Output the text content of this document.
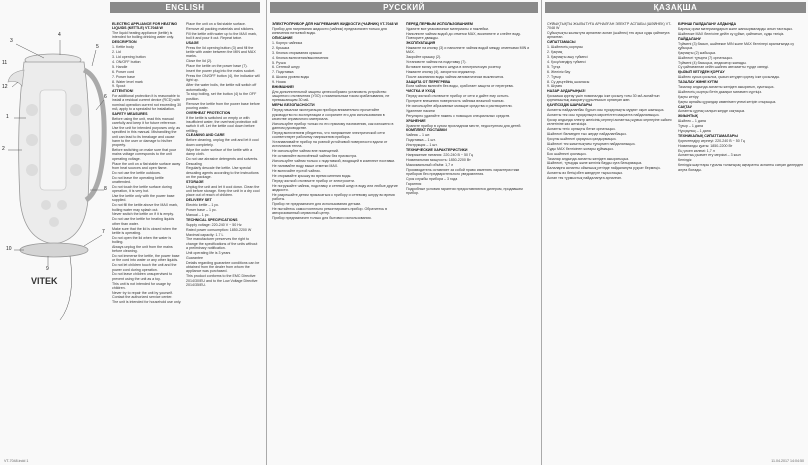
3
4
5
6
7
8
9
1
2
10
11
12
VITEK
ENGLISH

ELECTRIC APPLIANCE FOR HEATING LIQUIDS (KETTLE) VT-7048 W

The liquid heating appliance (kettle) is intended for boiling drinking water only.

DESCRIPTION

1. Kettle body

2. Lid

3. Lid opening button

4. ON/OFF button

5. Handle

6. Power cord

7. Power base

8. Water level mark

9. Spout

ATTENTION!

For additional protection it is reasonable to install a residual current device (RCD) with nominal operation current not exceeding 30 mA; apply to a specialist for installation.

SAFETY MEASURES

Before using the unit, read this manual carefully and keep it for future reference.

Use the unit for intended purposes only, as specified in this manual. Mishandling the unit can lead to its breakage and cause harm to the user or damage to his/her property.

Before switching on make sure that your mains voltage corresponds to the unit operating voltage.

Place the unit on a flat stable surface away from heat sources and open flame.

Do not use the kettle outdoors.

Do not leave the operating kettle unattended.

Do not touch the kettle surface during operation, it is very hot.

Use the kettle only with the power base supplied.

Do not fill the kettle above the MAX mark, boiling water may splash out.

Never switch the kettle on if it is empty.

Do not use the kettle for heating liquids other than water.

Make sure that the lid is closed when the kettle is operating.

Do not open the lid when the water is boiling.

Always unplug the unit from the mains before cleaning.

Do not immerse the kettle, the power base or the cord into water or any other liquids.

Do not let children touch the unit and the power cord during operation.

Do not leave children unsupervised to prevent using the unit as a toy.

This unit is not intended for usage by children.

Never try to repair the unit by yourself. Contact the authorized service center.

The unit is intended for household use only.

Place the unit on a flat stable surface.

Remove all packing materials and stickers.

Fill the kettle with water up to the MAX mark, boil it and pour it out. Repeat twice.

USAGE

Press the lid opening button (3) and fill the kettle with water between the MIN and MAX marks.

Close the lid (2).

Place the kettle on the power base (7).

Insert the power plug into the mains socket.

Press the ON/OFF button (4), the indicator will light up.

After the water boils, the kettle will switch off automatically.

To stop boiling, set the button (4) to the OFF position.

Remove the kettle from the power base before pouring water.

OVERHEAT PROTECTION

If the kettle is switched on empty or with insufficient water, the overheat protection will switch it off. Let the kettle cool down before refilling.

CLEANING AND CARE

Before cleaning, unplug the unit and let it cool down completely.

Wipe the outer surface of the kettle with a damp cloth.

Do not use abrasive detergents and solvents.

Descaling

Regularly descale the kettle. Use special descaling agents according to the instructions on the package.

STORAGE

Unplug the unit and let it cool down. Clean the unit before storage. Keep the unit in a dry cool place out of reach of children.

DELIVERY SET

Electric kettle – 1 pc.

Power base – 1 pc.

Manual – 1 pc.

TECHNICAL SPECIFICATIONS

Supply voltage: 220-240 V ~ 50 Hz

Rated power consumption: 1850-2200 W

Maximal capacity: 1.7 L

The manufacturer preserves the right to change the specifications of the units without a preliminary notification.

Unit operating life is 3 years

Guarantee

Details regarding guarantee conditions can be obtained from the dealer from whom the appliance was purchased.

This product conforms to the EMC Directive 2014/30/EU and to the Low Voltage Directive 2014/35/EU.

РУССКИЙ

ЭЛЕКТРОПРИБОР ДЛЯ НАГРЕВАНИЯ ЖИДКОСТИ (ЧАЙНИК) VT-7048 W

Прибор для нагревания жидкости (чайник) предназначен только для кипячения питьевой воды.

ОПИСАНИЕ

1. Корпус чайника

2. Крышка

3. Кнопка открывания крышки

4. Кнопка включения/выключения

5. Ручка

6. Сетевой шнур

7. Подставка

8. Шкала уровня воды

9. Носик

ВНИМАНИЕ!

Для дополнительной защиты целесообразно установить устройство защитного отключения (УЗО) с номинальным током срабатывания, не превышающим 30 мА.

МЕРЫ БЕЗОПАСНОСТИ

Перед началом эксплуатации прибора внимательно прочитайте руководство по эксплуатации и сохраните его для использования в качестве справочного материала.

Используйте прибор только по его прямому назначению, как изложено в данном руководстве.

Перед включением убедитесь, что напряжение электрической сети соответствует рабочему напряжению прибора.

Устанавливайте прибор на ровной устойчивой поверхности вдали от источников тепла.

Не используйте чайник вне помещений.

Не оставляйте включённый чайник без присмотра.

Используйте чайник только с подставкой, входящей в комплект поставки.

Не наливайте воду выше отметки MAX.

Не включайте пустой чайник.

Не открывайте крышку во время кипения воды.

Перед чисткой отключите прибор от электросети.

Не погружайте чайник, подставку и сетевой шнур в воду или любые другие жидкости.

Не разрешайте детям прикасаться к прибору и сетевому шнуру во время работы.

Прибор не предназначен для использования детьми.

Не пытайтесь самостоятельно ремонтировать прибор. Обратитесь в авторизованный сервисный центр.

Прибор предназначен только для бытового использования.

ПЕРЕД ПЕРВЫМ ИСПОЛЬЗОВАНИЕМ

Удалите все упаковочные материалы и наклейки.

Наполните чайник водой до отметки MAX, вскипятите и слейте воду. Повторите дважды.

ЭКСПЛУАТАЦИЯ

Нажмите на кнопку (3) и наполните чайник водой между отметками MIN и MAX.

Закройте крышку (2).

Установите чайник на подставку (7).

Вставьте вилку сетевого шнура в электрическую розетку.

Нажмите кнопку (4), загорится индикатор.

После закипания воды чайник автоматически выключится.

ЗАЩИТА ОТ ПЕРЕГРЕВА

Если чайник включён без воды, сработает защита от перегрева.

ЧИСТКА И УХОД

Перед чисткой отключите прибор от сети и дайте ему остыть.

Протрите внешнюю поверхность чайника влажной тканью.

Не используйте абразивные моющие средства и растворители.

Удаление накипи

Регулярно удаляйте накипь с помощью специальных средств.

ХРАНЕНИЕ

Храните прибор в сухом прохладном месте, недоступном для детей.

КОМПЛЕКТ ПОСТАВКИ

Чайник – 1 шт.

Подставка – 1 шт.

Инструкция – 1 шт.

ТЕХНИЧЕСКИЕ ХАРАКТЕРИСТИКИ

Напряжение питания: 220-240 В ~ 50 Гц

Номинальная мощность: 1850-2200 Вт

Максимальный объём: 1,7 л

Производитель оставляет за собой право изменять характеристики приборов без предварительного уведомления.

Срок службы прибора – 3 года

Гарантия

Подробные условия гарантии предоставляются дилером, продавшим прибор.

ҚАЗАҚША

СҰЙЫҚТЫҚТЫ ЖЫЛЫТУҒА АРНАЛҒАН ЭЛЕКТР АСПАБЫ (ШӘЙНЕК) VT-7048 W

Сұйықтықты жылытуға арналған аспап (шәйнек) тек ауыз суды қайнатуға арналған.

СИПАТТАМАСЫ

1. Шәйнектің корпусы

2. Қақпақ

3. Қақпақты ашу түймесі

4. Қосу/сөндіру түймесі

5. Тұтқа

6. Желілік бау

7. Тұғыр

8. Су деңгейінің шкаласы

9. Шүмек

НАЗАР АУДАРЫҢЫЗ!

Қосымша қорғау үшін номиналды іске қосылу тоғы 30 мА аспайтын қорғаныштық ажырату құрылғысын орнатқан жөн.

ҚАУІПСІЗДІК ШАРАЛАРЫ

Аспапты пайдаланбас бұрын осы нұсқаулықты мұқият оқып шығыңыз.

Аспапты тек осы нұсқаулықта көрсетілген мақсатта пайдаланыңыз.

Қосар алдында электр желісінің кернеуі аспаптың жұмыс кернеуіне сәйкес келетініне көз жеткізіңіз.

Аспапты тегіс орнықты бетке орнатыңыз.

Шәйнекті бөлмеден тыс жерде пайдаланбаңыз.

Қосулы шәйнекті қараусыз қалдырмаңыз.

Шәйнекті тек жиынтықтағы тұғырмен пайдаланыңыз.

Суды MAX белгісінен жоғары құймаңыз.

Бос шәйнекті қоспаңыз.

Тазалар алдында аспапты желіден ажыратыңыз.

Шәйнекті, тұғырды және желілік бауды суға батырмаңыз.

Балаларға аспапты ойыншық ретінде пайдалануға рұқсат бермеңіз.

Аспапты өз бетіңізбен жөндеуге тырыспаңыз.

Аспап тек тұрмыстық пайдалануға арналған.

БІРІНШІ ПАЙДАЛАНУ АЛДЫНДА

Барлық орам материалдарын және жапсырмаларды алып тастаңыз.

Шәйнекке MAX белгісіне дейін су құйып, қайнатып, суды төгіңіз.

ПАЙДАЛАНУ

Түймені (3) басып, шәйнекке MIN және MAX белгілері аралығында су құйыңыз.

Қақпақты (2) жабыңыз.

Шәйнекті тұғырға (7) орнатыңыз.

Түймені (4) басыңыз, индикатор жанады.

Су қайнағаннан кейін шәйнек автоматты түрде сөнеді.

ҚЫЗЫП КЕТУДЕН ҚОРҒАУ

Шәйнек сусыз қосылса, қызып кетуден қорғау іске қосылады.

ТАЗАЛАУ ЖӘНЕ КҮТІМ

Тазалар алдында аспапты желіден ажыратып, суытыңыз.

Шәйнектің сыртқы бетін дымқыл матамен сүртіңіз.

Қақты кетіру

Қақты арнайы құралдар көмегімен үнемі кетіріп отырыңыз.

САҚТАУ

Аспапты құрғақ салқын жерде сақтаңыз.

ЖИЫНТЫҚ

Шәйнек – 1 дана

Тұғыр – 1 дана

Нұсқаулық – 1 дана

ТЕХНИКАЛЫҚ СИПАТТАМАЛАРЫ

Қоректендіру кернеуі: 220-240 В ~ 50 Гц

Номиналды қуаты: 1850-2200 Вт

Ең үлкен көлемі: 1,7 л

Аспаптың қызмет ету мерзімі – 3 жыл

Кепілдік

Кепілдік шарттары туралы толығырақ ақпаратты аспапты сатқан дилерден алуға болады.

VT-7048.indd 1	11.04.2017 14:04:50
